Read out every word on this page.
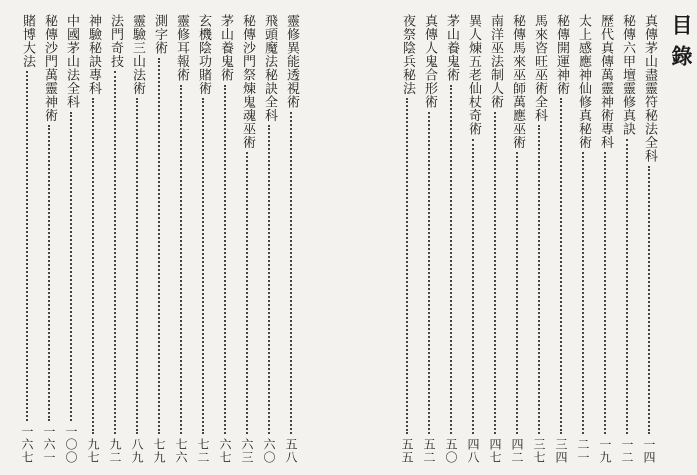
靈修異能透視術
五八
飛頭魔法秘訣全科
六〇
秘傳沙門祭煉鬼魂巫術
六三
茅山養鬼術
六七
玄機陰功賭術
七二
靈修耳報術
七六
測字術
七九
靈驗三山法術
八九
法門奇技
九二
神驗秘訣專科
九七
中國茅山法全科
一〇〇
秘傳沙門萬靈神術
一六一
賭博大法
一六七
目錄
真傳茅山盡靈符秘法全科
一四
秘傳六甲壇靈修真訣
一二
歷代真傳萬靈神術專科
一九
太上感應神仙修真秘術
二一
秘傳開運神術
三四
馬來咨旺巫術全科
三七
秘傳馬來巫師萬應巫術
四二
南洋巫法制人術
四七
異人煉五老仙杖奇術
四八
茅山養鬼術
五〇
真傳人鬼合形術
五二
夜祭陰兵秘法
五五
